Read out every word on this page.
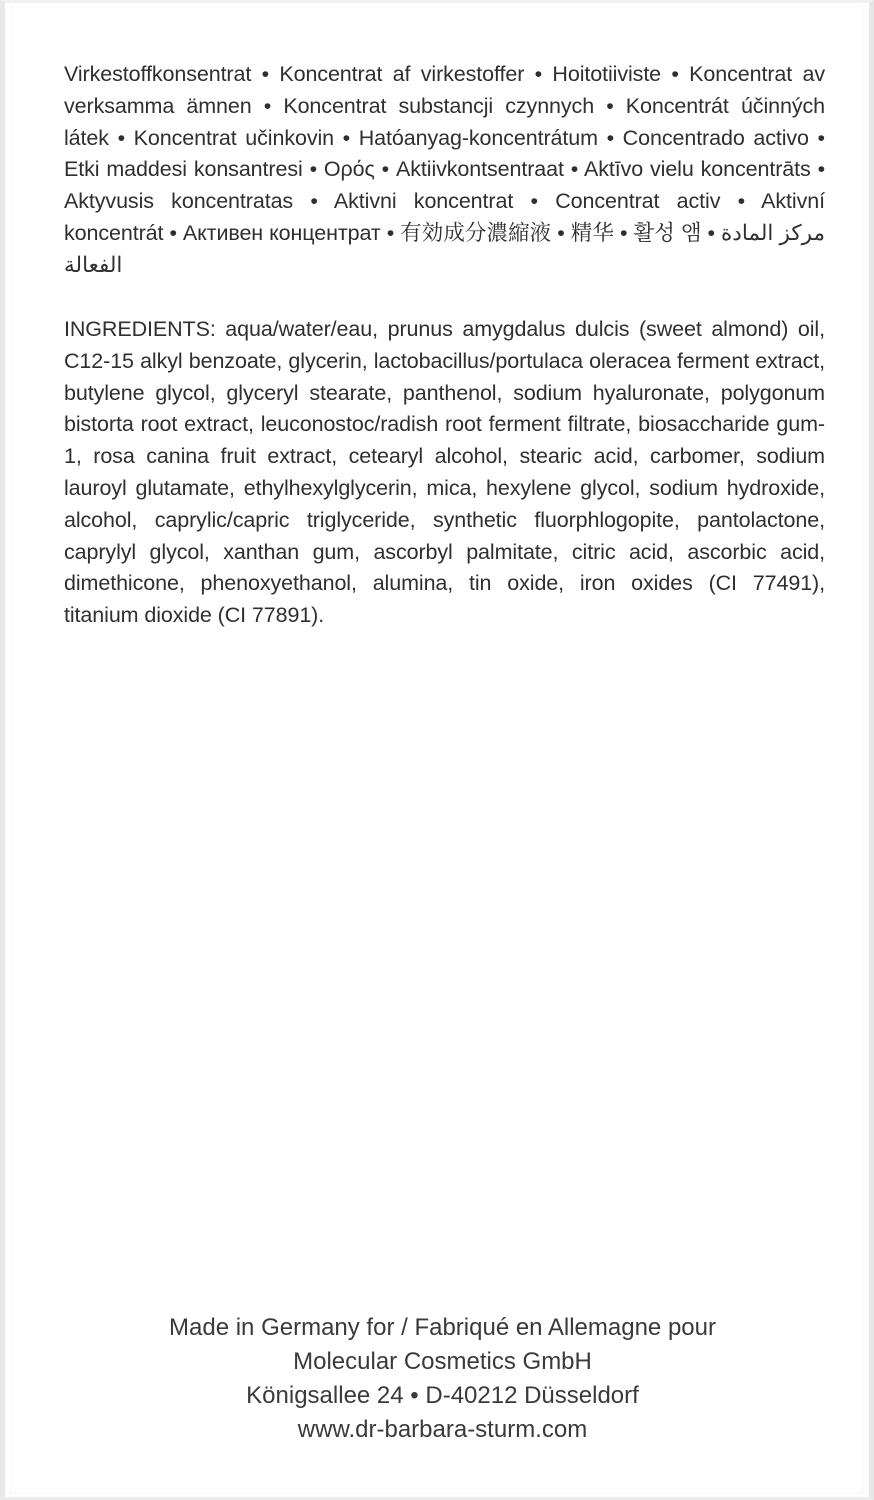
Virkestoffkonsentrat • Koncentrat af virkestoffer • Hoitotiiviste • Koncentrat av verksamma ämnen • Koncentrat substancji czynnych • Koncentrát účinných látek • Koncentrat učinkovin • Hatóanyag-koncentrátum • Concentrado activo • Etki maddesi konsantresi • Ορός • Aktiivkontsentraat • Aktīvo vielu koncentrāts • Aktyvusis koncentratas • Aktivni koncentrat • Concentrat activ • Aktivní koncentrát • Активен концентрат • 有効成分濃縮液 • 精华 • 활성 앰 • مركز المادة الفعالة
INGREDIENTS: aqua/water/eau, prunus amygdalus dulcis (sweet almond) oil, C12-15 alkyl benzoate, glycerin, lactobacillus/portulaca oleracea ferment extract, butylene glycol, glyceryl stearate, panthenol, sodium hyaluronate, polygonum bistorta root extract, leuconostoc/radish root ferment filtrate, biosaccharide gum-1, rosa canina fruit extract, cetearyl alcohol, stearic acid, carbomer, sodium lauroyl glutamate, ethylhexylglycerin, mica, hexylene glycol, sodium hydroxide, alcohol, caprylic/capric triglyceride, synthetic fluorphlogopite, pantolactone, caprylyl glycol, xanthan gum, ascorbyl palmitate, citric acid, ascorbic acid, dimethicone, phenoxyethanol, alumina, tin oxide, iron oxides (CI 77491), titanium dioxide (CI 77891).
Made in Germany for / Fabriqué en Allemagne pour
Molecular Cosmetics GmbH
Königsallee 24 • D-40212 Düsseldorf
www.dr-barbara-sturm.com
